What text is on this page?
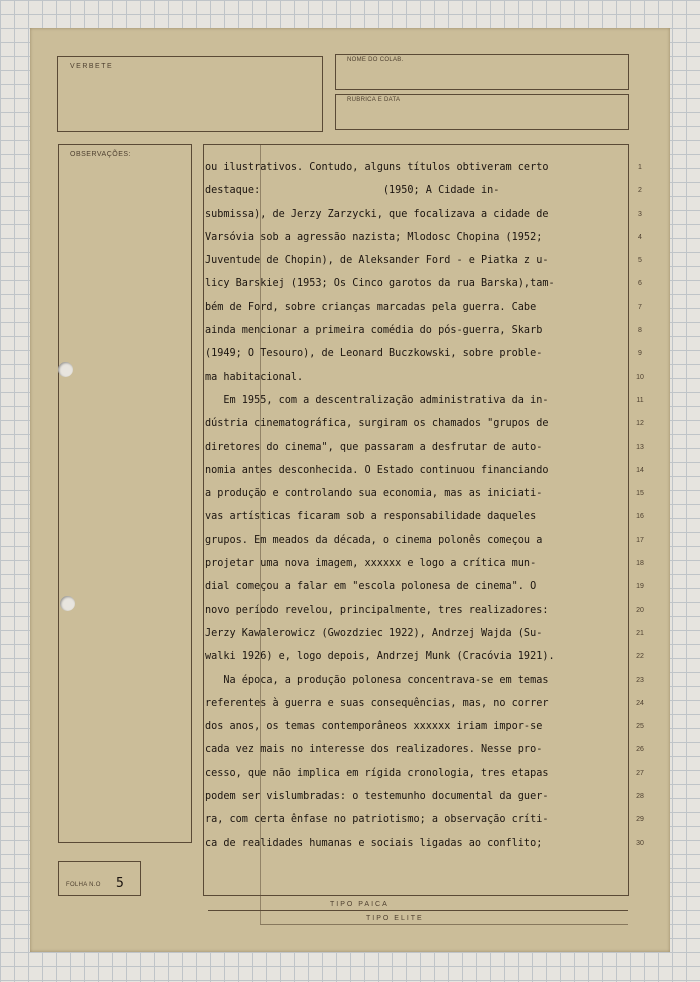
VERBETE
NOME DO COLAB.
RUBRICA E DATA
OBSERVAÇÕES:
FOLHA N.O 5
TIPO PAICA
TIPO ELITE
ou ilustrativos. Contudo, alguns títulos obtiveram certo
destaque:                    (1950; A Cidade in-
submissa), de Jerzy Zarzycki, que focalizava a cidade de
Varsóvia sob a agressão nazista; Mlodosc Chopina (1952;
Juventude de Chopin), de Aleksander Ford - e Piatka z u-
licy Barskiej (1953; Os Cinco garotos da rua Barska),tam-
bém de Ford, sobre crianças marcadas pela guerra. Cabe
ainda mencionar a primeira comédia do pós-guerra, Skarb
(1949; O Tesouro), de Leonard Buczkowski, sobre proble-
ma habitacional.
Em 1955, com a descentralização administrativa da in-
dústria cinematográfica, surgiram os chamados "grupos de
diretores do cinema", que passaram a desfrutar de auto-
nomia antes desconhecida. O Estado continuou financiando
a produção e controlando sua economia, mas as iniciati-
vas artísticas ficaram sob a responsabilidade daqueles
grupos. Em meados da década, o cinema polonês começou a
projetar uma nova imagem, xxxxxx e logo a crítica mun-
dial começou a falar em "escola polonesa de cinema". O
novo período revelou, principalmente, tres realizadores:
Jerzy Kawalerowicz (Gwozdziec 1922), Andrzej Wajda (Su-
walki 1926) e, logo depois, Andrzej Munk (Cracóvia 1921).
Na época, a produção polonesa concentrava-se em temas
referentes à guerra e suas consequências, mas, no correr
dos anos, os temas contemporâneos xxxxxx iriam impor-se
cada vez mais no interesse dos realizadores. Nesse pro-
cesso, que não implica em rígida cronologia, tres etapas
podem ser vislumbradas: o testemunho documental da guer-
ra, com certa ênfase no patriotismo; a observação críti-
ca de realidades humanas e sociais ligadas ao conflito;
1
2
3
4
5
6
7
8
9
10
11
12
13
14
15
16
17
18
19
20
21
22
23
24
25
26
27
28
29
30
